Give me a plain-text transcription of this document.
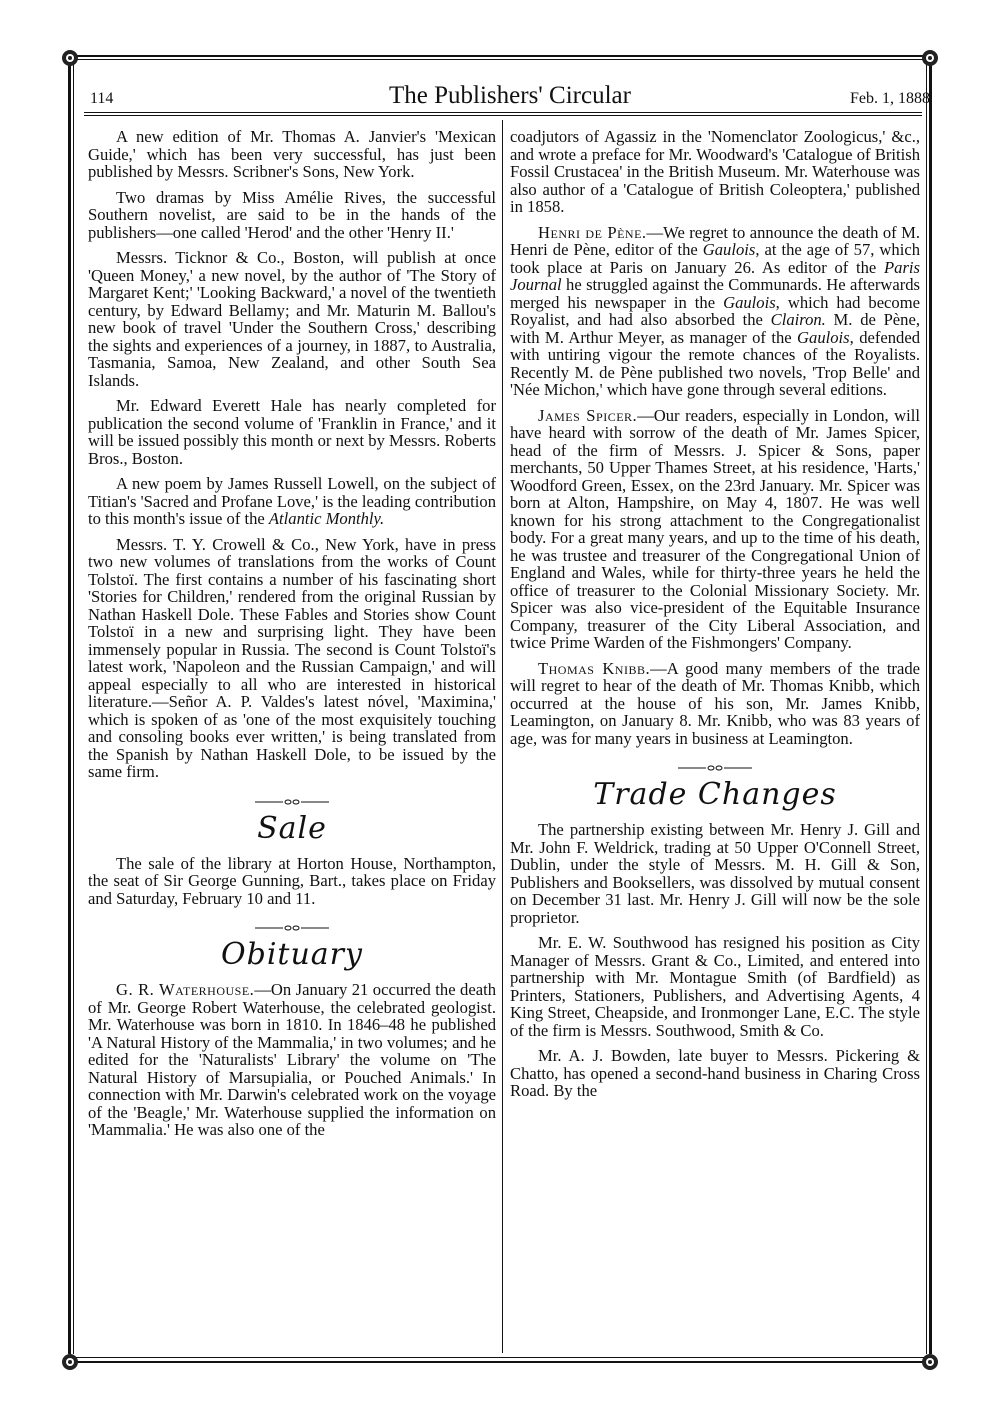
114	The Publishers' Circular	Feb. 1, 1888

A new edition of Mr. Thomas A. Janvier's 'Mexican Guide,' which has been very successful, has just been published by Messrs. Scribner's Sons, New York.

Two dramas by Miss Amélie Rives, the successful Southern novelist, are said to be in the hands of the publishers—one called 'Herod' and the other 'Henry II.'

Messrs. Ticknor & Co., Boston, will publish at once 'Queen Money,' a new novel, by the author of 'The Story of Margaret Kent;' 'Looking Backward,' a novel of the twentieth century, by Edward Bellamy; and Mr. Maturin M. Ballou's new book of travel 'Under the Southern Cross,' describing the sights and experiences of a journey, in 1887, to Australia, Tasmania, Samoa, New Zealand, and other South Sea Islands.

Mr. Edward Everett Hale has nearly completed for publication the second volume of 'Franklin in France,' and it will be issued possibly this month or next by Messrs. Roberts Bros., Boston.

A new poem by James Russell Lowell, on the subject of Titian's 'Sacred and Profane Love,' is the leading contribution to this month's issue of the Atlantic Monthly.

Messrs. T. Y. Crowell & Co., New York, have in press two new volumes of translations from the works of Count Tolstoï. The first contains a number of his fascinating short 'Stories for Children,' rendered from the original Russian by Nathan Haskell Dole. These Fables and Stories show Count Tolstoï in a new and surprising light. They have been immensely popular in Russia. The second is Count Tolstoï's latest work, 'Napoleon and the Russian Campaign,' and will appeal especially to all who are interested in historical literature.—Señor A. P. Valdes's latest nóvel, 'Maximina,' which is spoken of as 'one of the most exquisitely touching and consoling books ever written,' is being translated from the Spanish by Nathan Haskell Dole, to be issued by the same firm.

Sale

The sale of the library at Horton House, Northampton, the seat of Sir George Gunning, Bart., takes place on Friday and Saturday, February 10 and 11.

Obituary

G. R. Waterhouse.—On January 21 occurred the death of Mr. George Robert Waterhouse, the celebrated geologist. Mr. Waterhouse was born in 1810. In 1846–48 he published 'A Natural History of the Mammalia,' in two volumes; and he edited for the 'Naturalists' Library' the volume on 'The Natural History of Marsupialia, or Pouched Animals.' In connection with Mr. Darwin's celebrated work on the voyage of the 'Beagle,' Mr. Waterhouse supplied the information on 'Mammalia.' He was also one of the

coadjutors of Agassiz in the 'Nomenclator Zoologicus,' &c., and wrote a preface for Mr. Woodward's 'Catalogue of British Fossil Crustacea' in the British Museum. Mr. Waterhouse was also author of a 'Catalogue of British Coleoptera,' published in 1858.

Henri de Pène.—We regret to announce the death of M. Henri de Pène, editor of the Gaulois, at the age of 57, which took place at Paris on January 26. As editor of the Paris Journal he struggled against the Communards. He afterwards merged his newspaper in the Gaulois, which had become Royalist, and had also absorbed the Clairon. M. de Pène, with M. Arthur Meyer, as manager of the Gaulois, defended with untiring vigour the remote chances of the Royalists. Recently M. de Pène published two novels, 'Trop Belle' and 'Née Michon,' which have gone through several editions.

James Spicer.—Our readers, especially in London, will have heard with sorrow of the death of Mr. James Spicer, head of the firm of Messrs. J. Spicer & Sons, paper merchants, 50 Upper Thames Street, at his residence, 'Harts,' Woodford Green, Essex, on the 23rd January. Mr. Spicer was born at Alton, Hampshire, on May 4, 1807. He was well known for his strong attachment to the Congregationalist body. For a great many years, and up to the time of his death, he was trustee and treasurer of the Congregational Union of England and Wales, while for thirty-three years he held the office of treasurer to the Colonial Missionary Society. Mr. Spicer was also vice-president of the Equitable Insurance Company, treasurer of the City Liberal Association, and twice Prime Warden of the Fishmongers' Company.

Thomas Knibb.—A good many members of the trade will regret to hear of the death of Mr. Thomas Knibb, which occurred at the house of his son, Mr. James Knibb, Leamington, on January 8. Mr. Knibb, who was 83 years of age, was for many years in business at Leamington.

Trade Changes

The partnership existing between Mr. Henry J. Gill and Mr. John F. Weldrick, trading at 50 Upper O'Connell Street, Dublin, under the style of Messrs. M. H. Gill & Son, Publishers and Booksellers, was dissolved by mutual consent on December 31 last. Mr. Henry J. Gill will now be the sole proprietor.

Mr. E. W. Southwood has resigned his position as City Manager of Messrs. Grant & Co., Limited, and entered into partnership with Mr. Montague Smith (of Bardfield) as Printers, Stationers, Publishers, and Advertising Agents, 4 King Street, Cheapside, and Ironmonger Lane, E.C. The style of the firm is Messrs. Southwood, Smith & Co.

Mr. A. J. Bowden, late buyer to Messrs. Pickering & Chatto, has opened a second-hand business in Charing Cross Road. By the
